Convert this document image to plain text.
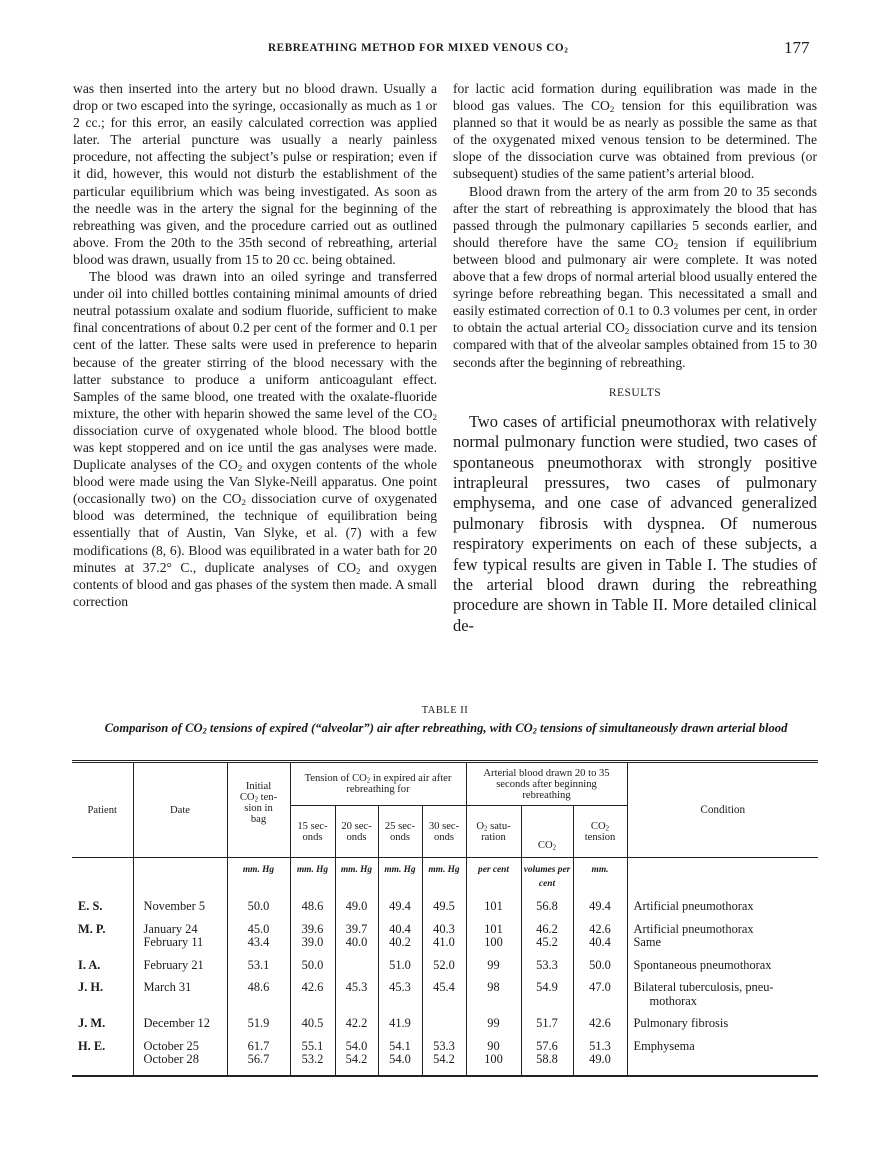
REBREATHING METHOD FOR MIXED VENOUS $CO_2$	177

was then inserted into the artery but no blood drawn. Usually a drop or two escaped into the syringe, occasionally as much as 1 or 2 cc.; for this error, an easily calculated correction was applied later. The arterial puncture was usually a nearly painless procedure, not affecting the subject’s pulse or respiration; even if it did, however, this would not disturb the establishment of the particular equilibrium which was being investigated. As soon as the needle was in the artery the signal for the beginning of the rebreathing was given, and the procedure carried out as outlined above. From the 20th to the 35th second of rebreathing, arterial blood was drawn, usually from 15 to 20 cc. being obtained.

The blood was drawn into an oiled syringe and transferred under oil into chilled bottles containing minimal amounts of dried neutral potassium oxalate and sodium fluoride, sufficient to make final concentrations of about 0.2 per cent of the former and 0.1 per cent of the latter. These salts were used in preference to heparin because of the greater stirring of the blood necessary with the latter substance to produce a uniform anticoagulant effect. Samples of the same blood, one treated with the oxalate-fluoride mixture, the other with heparin showed the same level of the $CO_2$ dissociation curve of oxygenated whole blood. The blood bottle was kept stoppered and on ice until the gas analyses were made. Duplicate analyses of the $CO_2$ and oxygen contents of the whole blood were made using the Van Slyke-Neill apparatus. One point (occasionally two) on the $CO_2$ dissociation curve of oxygenated blood was determined, the technique of equilibration being essentially that of Austin, Van Slyke, et al. (7) with a few modifications (8, 6). Blood was equilibrated in a water bath for 20 minutes at 37.2° C., duplicate analyses of $CO_2$ and oxygen contents of blood and gas phases of the system then made. A small correction

for lactic acid formation during equilibration was made in the blood gas values. The $CO_2$ tension for this equilibration was planned so that it would be as nearly as possible the same as that of the oxygenated mixed venous tension to be determined. The slope of the dissociation curve was obtained from previous (or subsequent) studies of the same patient’s arterial blood.

Blood drawn from the artery of the arm from 20 to 35 seconds after the start of rebreathing is approximately the blood that has passed through the pulmonary capillaries 5 seconds earlier, and should therefore have the same $CO_2$ tension if equilibrium between blood and pulmonary air were complete. It was noted above that a few drops of normal arterial blood usually entered the syringe before rebreathing began. This necessitated a small and easily estimated correction of 0.1 to 0.3 volumes per cent, in order to obtain the actual arterial $CO_2$ dissociation curve and its tension compared with that of the alveolar samples obtained from 15 to 30 seconds after the beginning of rebreathing.

RESULTS

Two cases of artificial pneumothorax with relatively normal pulmonary function were studied, two cases of spontaneous pneumothorax with strongly positive intrapleural pressures, two cases of pulmonary emphysema, and one case of advanced generalized pulmonary fibrosis with dyspnea. Of numerous respiratory experiments on each of these subjects, a few typical results are given in Table I. The studies of the arterial blood drawn during the rebreathing procedure are shown in Table II. More detailed clinical de-

TABLE II
Comparison of $CO_2$ tensions of expired (“alveolar”) air after rebreathing, with $CO_2$ tensions of simultaneously drawn arterial blood
Patient	Date	Initial
$CO_2$ ten-
sion in
bag	Tension of $CO_2$ in expired air after rebreathing for				Arterial blood drawn 20 to 35 seconds after beginning rebreathing			Condition
			15 sec-onds	20 sec-onds	25 sec-onds	30 sec-onds	$O_2$ satu-ration	$CO_2$	$CO_2$
tension	
		mm. Hg	mm. Hg	mm. Hg	mm. Hg	mm. Hg	per cent	volumes per cent	mm.	
E. S.	November 5	50.0	48.6	49.0	49.4	49.5	101	56.8	49.4	Artificial pneumothorax
M. P.	January 24	45.0	39.6	39.7	40.4	40.3	101	46.2	42.6	Artificial pneumothorax
	February 11	43.4	39.0	40.0	40.2	41.0	100	45.2	40.4	Same
I. A.	February 21	53.1	50.0		51.0	52.0	99	53.3	50.0	Spontaneous pneumothorax
J. H.	March 31	48.6	42.6	45.3	45.3	45.4	98	54.9	47.0	Bilateral tuberculosis, pneu-
mothorax

J. M.	December 12	51.9	40.5	42.2	41.9		99	51.7	42.6	Pulmonary fibrosis
H. E.	October 25	61.7	55.1	54.0	54.1	53.3	90	57.6	51.3	Emphysema
	October 28	56.7	53.2	54.2	54.0	54.2	100	58.8	49.0	
